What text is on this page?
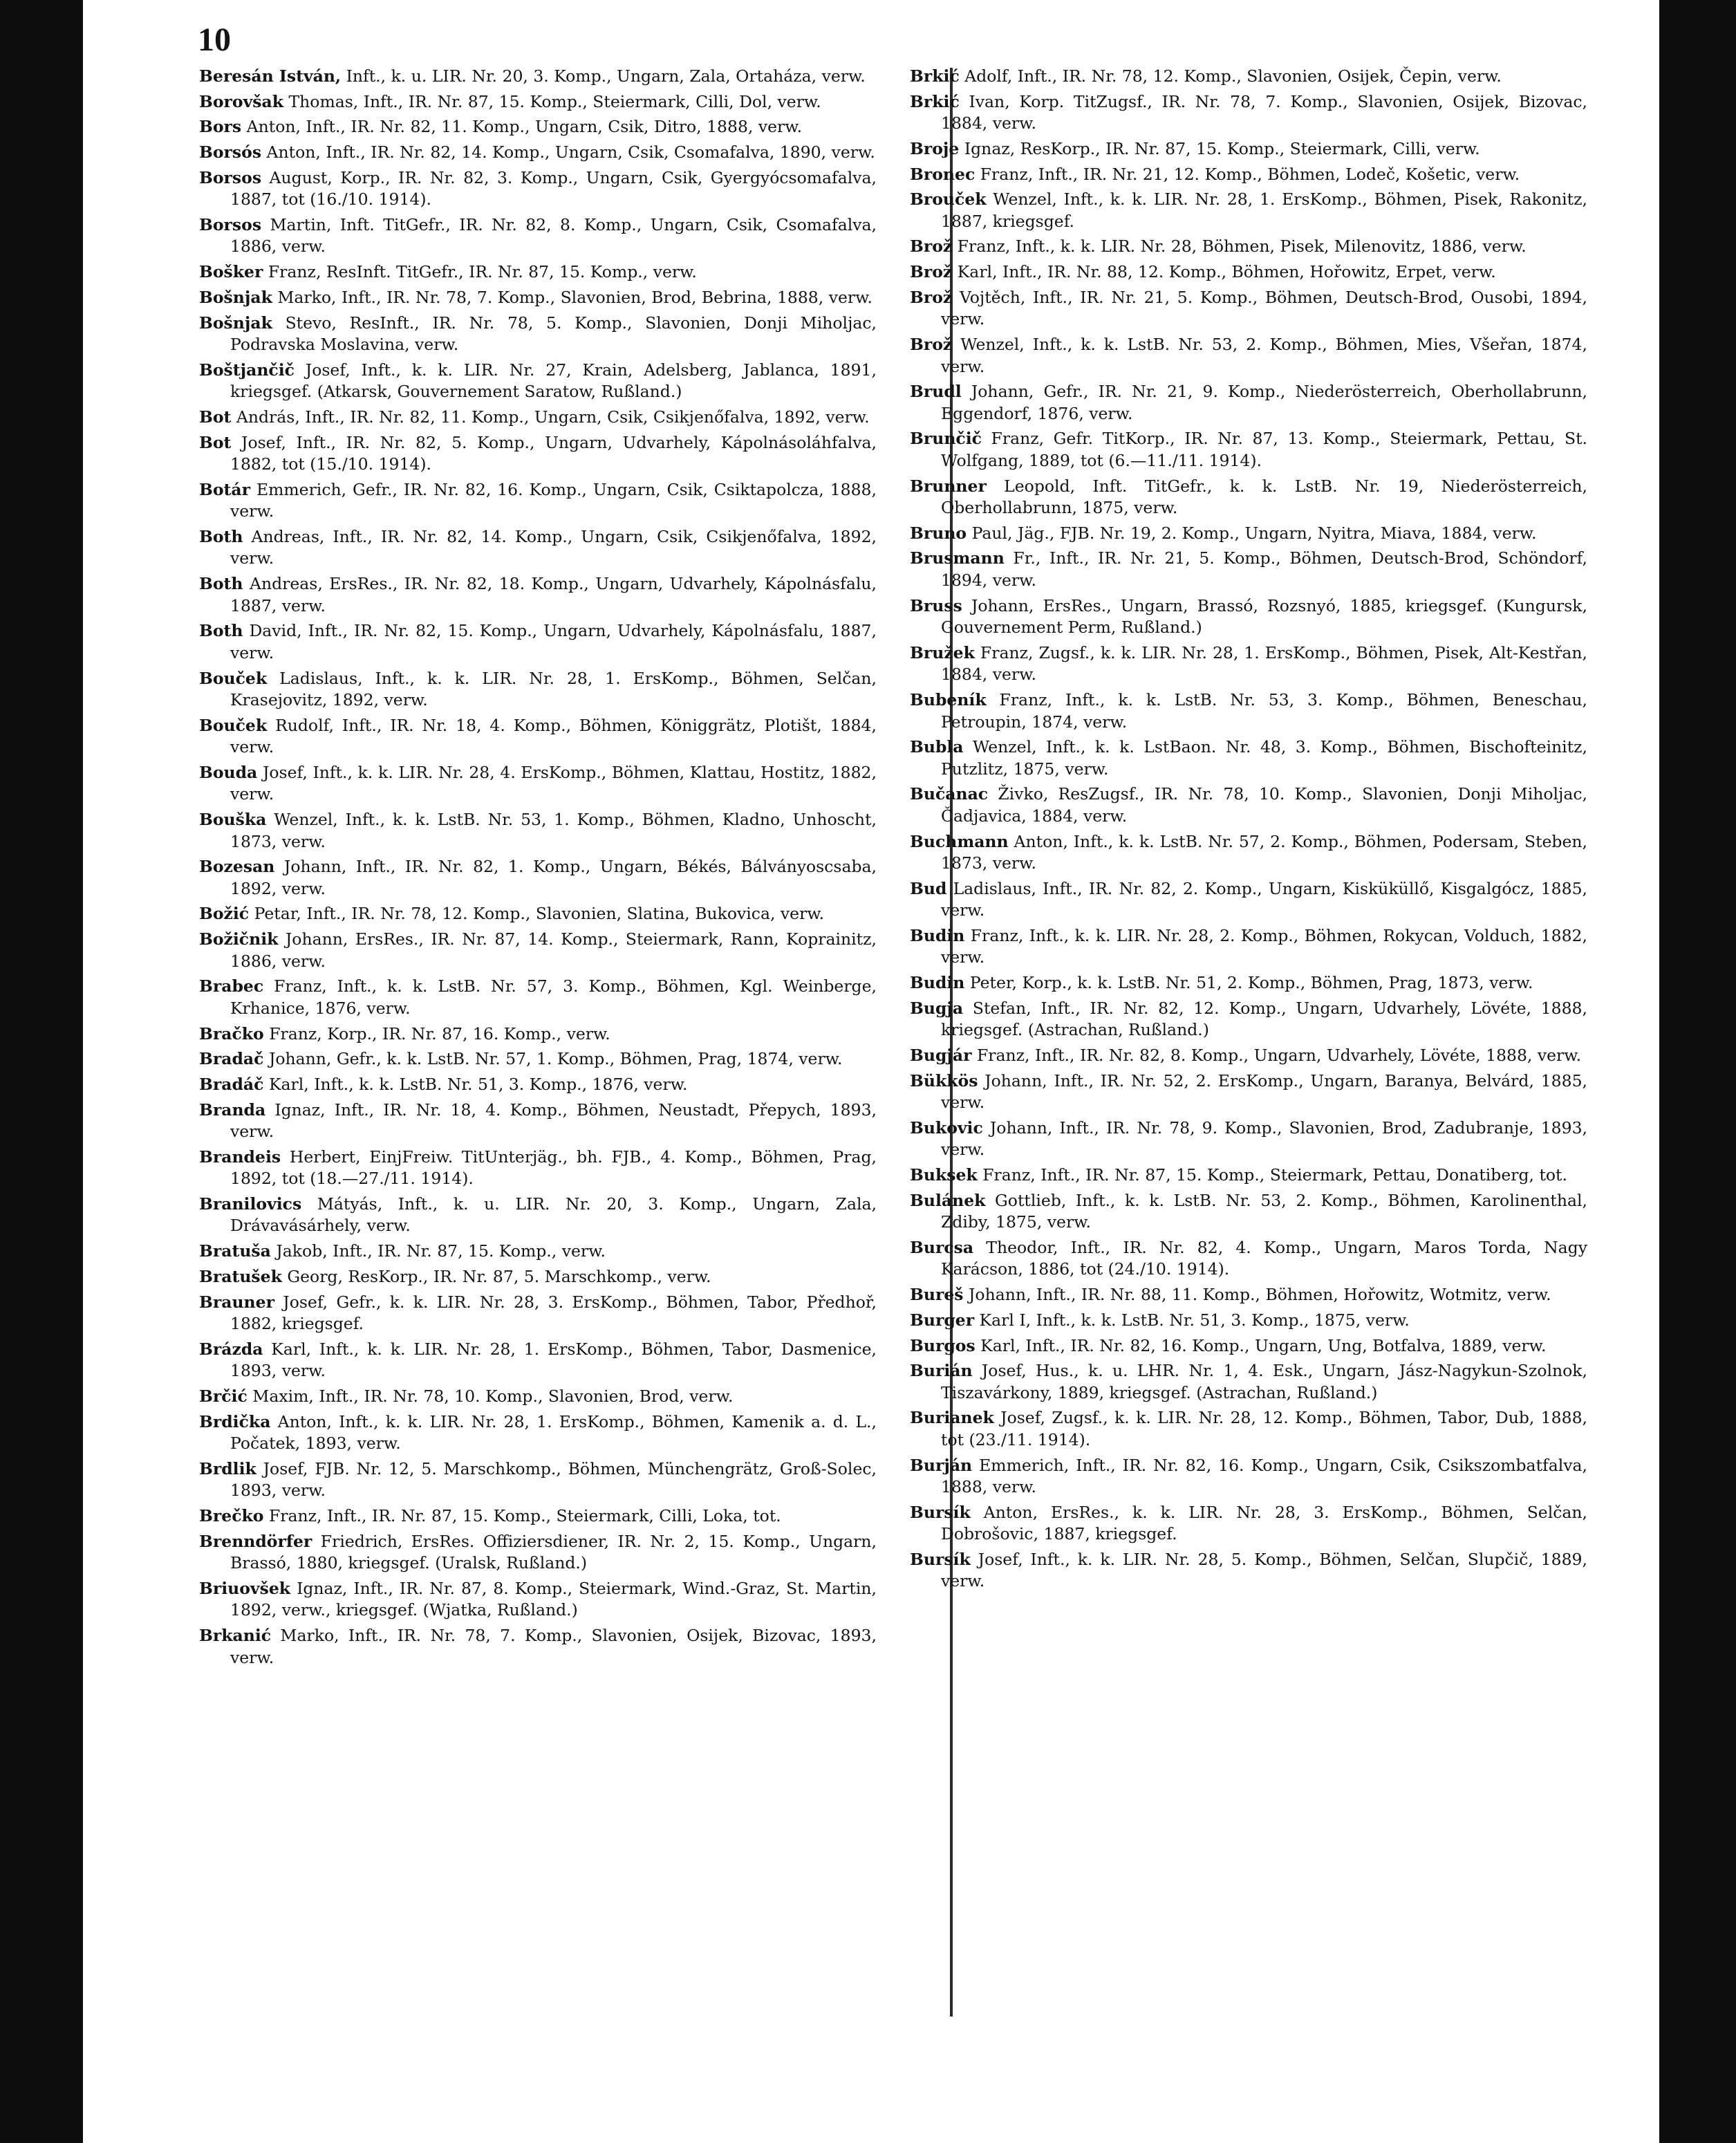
10

Beresán István, Inft., k. u. LIR. Nr. 20, 3. Komp., Ungarn, Zala, Ortaháza, verw.

Borovšak Thomas, Inft., IR. Nr. 87, 15. Komp., Steiermark, Cilli, Dol, verw.

Bors Anton, Inft., IR. Nr. 82, 11. Komp., Ungarn, Csik, Ditro, 1888, verw.

Borsós Anton, Inft., IR. Nr. 82, 14. Komp., Ungarn, Csik, Csomafalva, 1890, verw.

Borsos August, Korp., IR. Nr. 82, 3. Komp., Ungarn, Csik, Gyergyócsomafalva, 1887, tot (16./10. 1914).

Borsos Martin, Inft. TitGefr., IR. Nr. 82, 8. Komp., Ungarn, Csik, Csomafalva, 1886, verw.

Bošker Franz, ResInft. TitGefr., IR. Nr. 87, 15. Komp., verw.

Bošnjak Marko, Inft., IR. Nr. 78, 7. Komp., Slavonien, Brod, Bebrina, 1888, verw.

Bošnjak Stevo, ResInft., IR. Nr. 78, 5. Komp., Slavonien, Donji Miholjac, Podravska Moslavina, verw.

Boštjančič Josef, Inft., k. k. LIR. Nr. 27, Krain, Adelsberg, Jablanca, 1891, kriegsgef. (Atkarsk, Gouvernement Saratow, Rußland.)

Bot András, Inft., IR. Nr. 82, 11. Komp., Ungarn, Csik, Csikjenőfalva, 1892, verw.

Bot Josef, Inft., IR. Nr. 82, 5. Komp., Ungarn, Udvarhely, Kápolnásoláhfalva, 1882, tot (15./10. 1914).

Botár Emmerich, Gefr., IR. Nr. 82, 16. Komp., Ungarn, Csik, Csiktapolcza, 1888, verw.

Both Andreas, Inft., IR. Nr. 82, 14. Komp., Ungarn, Csik, Csikjenőfalva, 1892, verw.

Both Andreas, ErsRes., IR. Nr. 82, 18. Komp., Ungarn, Udvarhely, Kápolnásfalu, 1887, verw.

Both David, Inft., IR. Nr. 82, 15. Komp., Ungarn, Udvarhely, Kápolnásfalu, 1887, verw.

Bouček Ladislaus, Inft., k. k. LIR. Nr. 28, 1. ErsKomp., Böhmen, Selčan, Krasejovitz, 1892, verw.

Bouček Rudolf, Inft., IR. Nr. 18, 4. Komp., Böhmen, Königgrätz, Plotišt, 1884, verw.

Bouda Josef, Inft., k. k. LIR. Nr. 28, 4. ErsKomp., Böhmen, Klattau, Hostitz, 1882, verw.

Bouška Wenzel, Inft., k. k. LstB. Nr. 53, 1. Komp., Böhmen, Kladno, Unhoscht, 1873, verw.

Bozesan Johann, Inft., IR. Nr. 82, 1. Komp., Ungarn, Békés, Bálványoscsaba, 1892, verw.

Božić Petar, Inft., IR. Nr. 78, 12. Komp., Slavonien, Slatina, Bukovica, verw.

Božičnik Johann, ErsRes., IR. Nr. 87, 14. Komp., Steiermark, Rann, Koprainitz, 1886, verw.

Brabec Franz, Inft., k. k. LstB. Nr. 57, 3. Komp., Böhmen, Kgl. Weinberge, Krhanice, 1876, verw.

Bračko Franz, Korp., IR. Nr. 87, 16. Komp., verw.

Bradač Johann, Gefr., k. k. LstB. Nr. 57, 1. Komp., Böhmen, Prag, 1874, verw.

Bradáč Karl, Inft., k. k. LstB. Nr. 51, 3. Komp., 1876, verw.

Branda Ignaz, Inft., IR. Nr. 18, 4. Komp., Böhmen, Neustadt, Přepych, 1893, verw.

Brandeis Herbert, EinjFreiw. TitUnterjäg., bh. FJB., 4. Komp., Böhmen, Prag, 1892, tot (18.—27./11. 1914).

Branilovics Mátyás, Inft., k. u. LIR. Nr. 20, 3. Komp., Ungarn, Zala, Drávavásárhely, verw.

Bratuša Jakob, Inft., IR. Nr. 87, 15. Komp., verw.

Bratušek Georg, ResKorp., IR. Nr. 87, 5. Marschkomp., verw.

Brauner Josef, Gefr., k. k. LIR. Nr. 28, 3. ErsKomp., Böhmen, Tabor, Předhoř, 1882, kriegsgef.

Brázda Karl, Inft., k. k. LIR. Nr. 28, 1. ErsKomp., Böhmen, Tabor, Dasmenice, 1893, verw.

Brčić Maxim, Inft., IR. Nr. 78, 10. Komp., Slavonien, Brod, verw.

Brdička Anton, Inft., k. k. LIR. Nr. 28, 1. ErsKomp., Böhmen, Kamenik a. d. L., Počatek, 1893, verw.

Brdlik Josef, FJB. Nr. 12, 5. Marschkomp., Böhmen, Münchengrätz, Groß-Solec, 1893, verw.

Brečko Franz, Inft., IR. Nr. 87, 15. Komp., Steiermark, Cilli, Loka, tot.

Brenndörfer Friedrich, ErsRes. Offiziersdiener, IR. Nr. 2, 15. Komp., Ungarn, Brassó, 1880, kriegsgef. (Uralsk, Rußland.)

Briuovšek Ignaz, Inft., IR. Nr. 87, 8. Komp., Steiermark, Wind.-Graz, St. Martin, 1892, verw., kriegsgef. (Wjatka, Rußland.)

Brkanić Marko, Inft., IR. Nr. 78, 7. Komp., Slavonien, Osijek, Bizovac, 1893, verw.

Brkić Adolf, Inft., IR. Nr. 78, 12. Komp., Slavonien, Osijek, Čepin, verw.

Brkić Ivan, Korp. TitZugsf., IR. Nr. 78, 7. Komp., Slavonien, Osijek, Bizovac, 1884, verw.

Broje Ignaz, ResKorp., IR. Nr. 87, 15. Komp., Steiermark, Cilli, verw.

Bronec Franz, Inft., IR. Nr. 21, 12. Komp., Böhmen, Lodeč, Košetic, verw.

Brouček Wenzel, Inft., k. k. LIR. Nr. 28, 1. ErsKomp., Böhmen, Pisek, Rakonitz, 1887, kriegsgef.

Brož Franz, Inft., k. k. LIR. Nr. 28, Böhmen, Pisek, Milenovitz, 1886, verw.

Brož Karl, Inft., IR. Nr. 88, 12. Komp., Böhmen, Hořowitz, Erpet, verw.

Brož Vojtěch, Inft., IR. Nr. 21, 5. Komp., Böhmen, Deutsch-Brod, Ousobi, 1894, verw.

Brož Wenzel, Inft., k. k. LstB. Nr. 53, 2. Komp., Böhmen, Mies, Všeřan, 1874, verw.

Brudl Johann, Gefr., IR. Nr. 21, 9. Komp., Niederösterreich, Oberhollabrunn, Eggendorf, 1876, verw.

Brunčič Franz, Gefr. TitKorp., IR. Nr. 87, 13. Komp., Steiermark, Pettau, St. Wolfgang, 1889, tot (6.—11./11. 1914).

Brunner Leopold, Inft. TitGefr., k. k. LstB. Nr. 19, Niederösterreich, Oberhollabrunn, 1875, verw.

Bruno Paul, Jäg., FJB. Nr. 19, 2. Komp., Ungarn, Nyitra, Miava, 1884, verw.

Brusmann Fr., Inft., IR. Nr. 21, 5. Komp., Böhmen, Deutsch-Brod, Schöndorf, 1894, verw.

Bruss Johann, ErsRes., Ungarn, Brassó, Rozsnyó, 1885, kriegsgef. (Kungursk, Gouvernement Perm, Rußland.)

Bružek Franz, Zugsf., k. k. LIR. Nr. 28, 1. ErsKomp., Böhmen, Pisek, Alt-Kestřan, 1884, verw.

Bubeník Franz, Inft., k. k. LstB. Nr. 53, 3. Komp., Böhmen, Beneschau, Petroupin, 1874, verw.

Bubla Wenzel, Inft., k. k. LstBaon. Nr. 48, 3. Komp., Böhmen, Bischofteinitz, Putzlitz, 1875, verw.

Bučanac Živko, ResZugsf., IR. Nr. 78, 10. Komp., Slavonien, Donji Miholjac, Čadjavica, 1884, verw.

Buchmann Anton, Inft., k. k. LstB. Nr. 57, 2. Komp., Böhmen, Podersam, Steben, 1873, verw.

Bud Ladislaus, Inft., IR. Nr. 82, 2. Komp., Ungarn, Kisküküllő, Kisgalgócz, 1885, verw.

Budin Franz, Inft., k. k. LIR. Nr. 28, 2. Komp., Böhmen, Rokycan, Volduch, 1882, verw.

Budin Peter, Korp., k. k. LstB. Nr. 51, 2. Komp., Böhmen, Prag, 1873, verw.

Bugja Stefan, Inft., IR. Nr. 82, 12. Komp., Ungarn, Udvarhely, Lövéte, 1888, kriegsgef. (Astrachan, Rußland.)

Bugjár Franz, Inft., IR. Nr. 82, 8. Komp., Ungarn, Udvarhely, Lövéte, 1888, verw.

Bükkös Johann, Inft., IR. Nr. 52, 2. ErsKomp., Ungarn, Baranya, Belvárd, 1885, verw.

Bukovic Johann, Inft., IR. Nr. 78, 9. Komp., Slavonien, Brod, Zadubranje, 1893, verw.

Buksek Franz, Inft., IR. Nr. 87, 15. Komp., Steiermark, Pettau, Donatiberg, tot.

Bulánek Gottlieb, Inft., k. k. LstB. Nr. 53, 2. Komp., Böhmen, Karolinenthal, Zdiby, 1875, verw.

Burcsa Theodor, Inft., IR. Nr. 82, 4. Komp., Ungarn, Maros Torda, Nagy Karácson, 1886, tot (24./10. 1914).

Bureš Johann, Inft., IR. Nr. 88, 11. Komp., Böhmen, Hořowitz, Wotmitz, verw.

Burger Karl I, Inft., k. k. LstB. Nr. 51, 3. Komp., 1875, verw.

Burgos Karl, Inft., IR. Nr. 82, 16. Komp., Ungarn, Ung, Botfalva, 1889, verw.

Burián Josef, Hus., k. u. LHR. Nr. 1, 4. Esk., Ungarn, Jász-Nagykun-Szolnok, Tiszavárkony, 1889, kriegsgef. (Astrachan, Rußland.)

Burianek Josef, Zugsf., k. k. LIR. Nr. 28, 12. Komp., Böhmen, Tabor, Dub, 1888, tot (23./11. 1914).

Burján Emmerich, Inft., IR. Nr. 82, 16. Komp., Ungarn, Csik, Csikszombatfalva, 1888, verw.

Bursík Anton, ErsRes., k. k. LIR. Nr. 28, 3. ErsKomp., Böhmen, Selčan, Dobrošovic, 1887, kriegsgef.

Bursík Josef, Inft., k. k. LIR. Nr. 28, 5. Komp., Böhmen, Selčan, Slupčič, 1889, verw.
